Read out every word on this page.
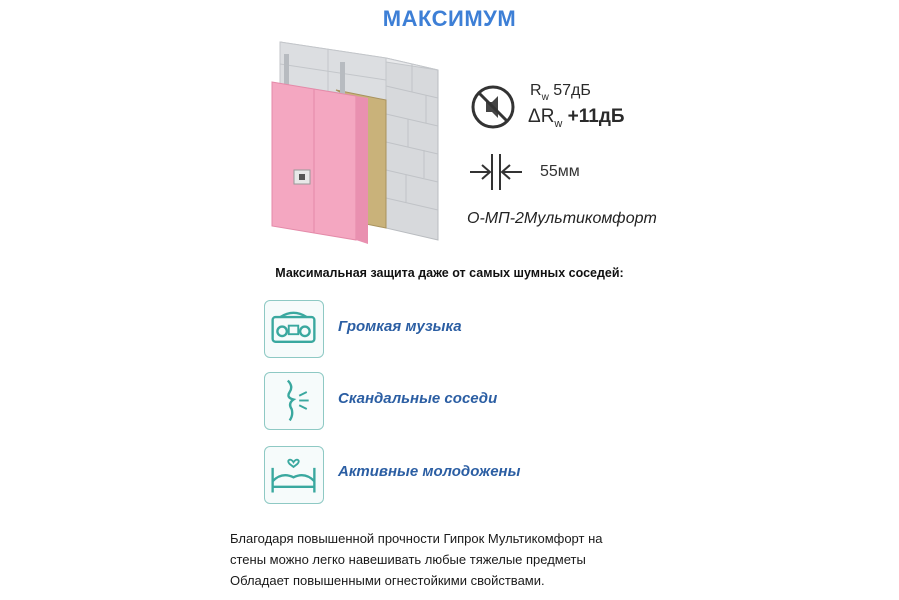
МАКСИМУМ
$R_w$ 57дБ
$\Delta R_w +11дБ$
55мм
О-МП-2Мультикомфорт
Максимальная защита даже от самых шумных соседей:
Громкая музыка
Скандальные соседи
Активные молодожены
Благодаря повышенной прочности Гипрок Мультикомфорт на
стены можно легко навешивать любые тяжелые предметы
Обладает повышенными огнестойкими свойствами.
